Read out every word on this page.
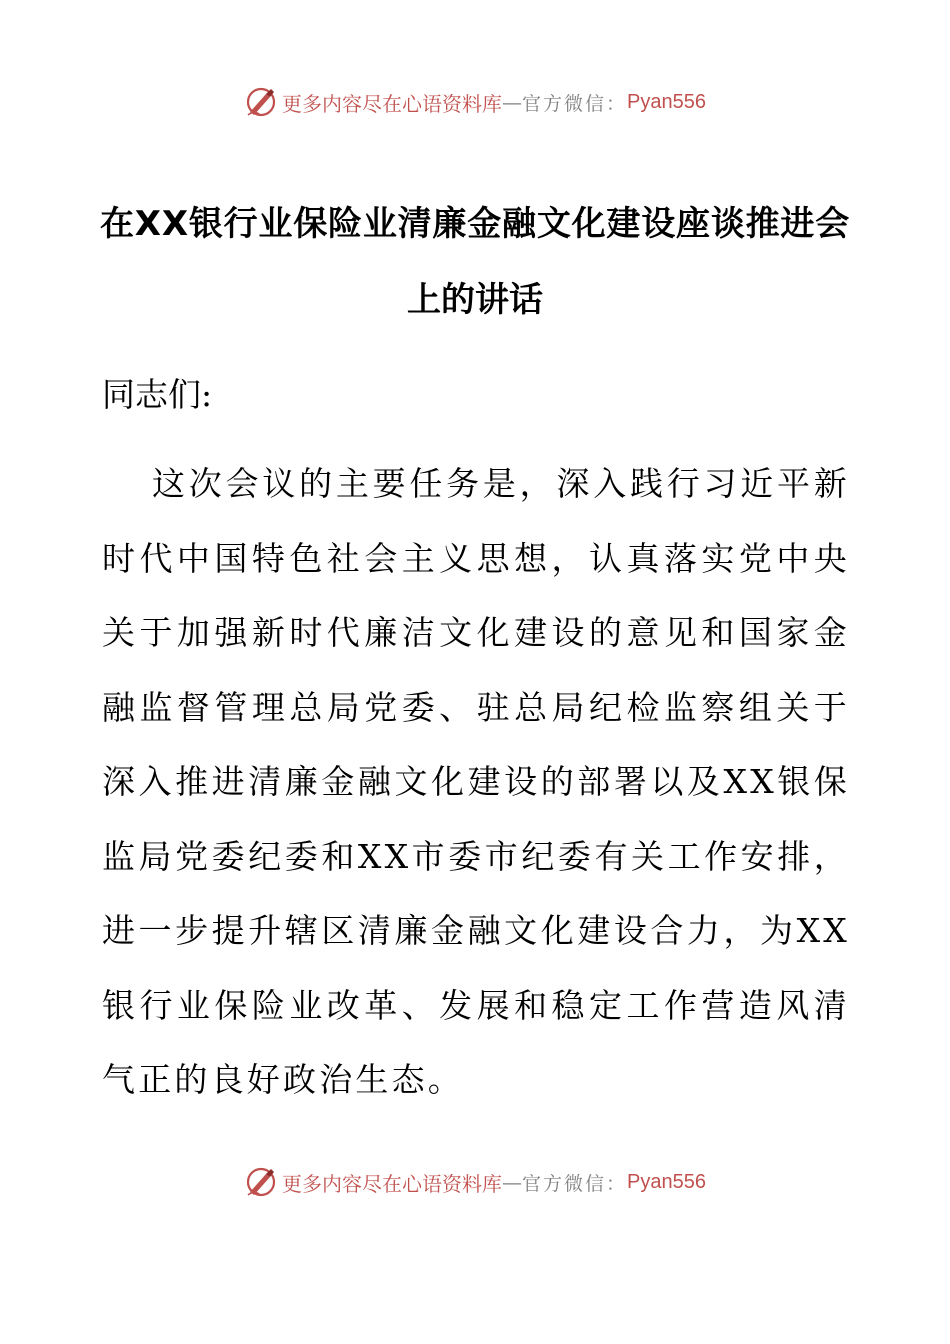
更多内容尽在心语资料库 — 官方微信： Pyan556
在XX银行业保险业清廉金融文化建设座谈推进会
上的讲话
同志们:

这次会议的主要任务是，深入践行习近平新时代中国特色社会主义思想，认真落实党中央关于加强新时代廉洁文化建设的意见和国家金融监督管理总局党委、驻总局纪检监察组关于深入推进清廉金融文化建设的部署以及XX银保监局党委纪委和XX市委市纪委有关工作安排，进一步提升辖区清廉金融文化建设合力，为XX银行业保险业改革、发展和稳定工作营造风清气正的良好政治生态。

更多内容尽在心语资料库 — 官方微信： Pyan556
